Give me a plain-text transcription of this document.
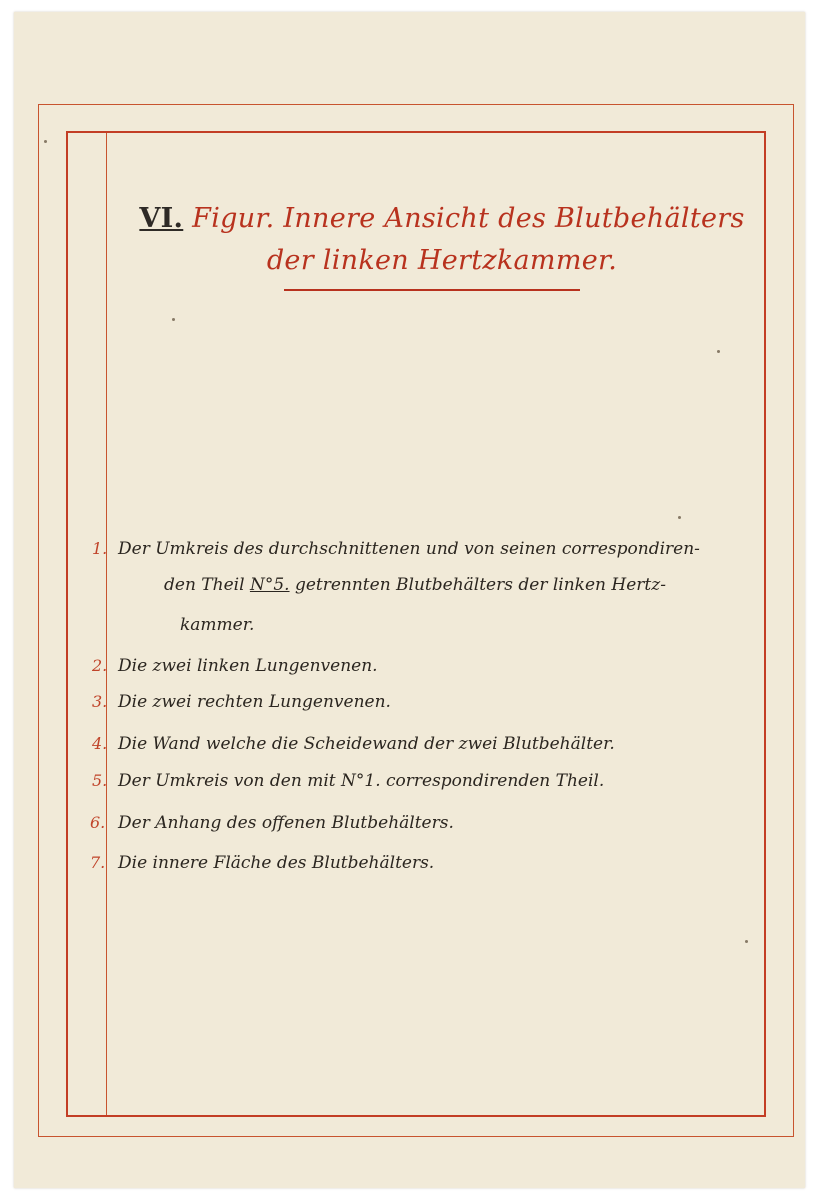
VI. Figur. Innere Ansicht des Blutbehälters
der linken Hertzkammer.
1. Der Umkreis des durchschnittenen und von seinen correspondiren-
den Theil N°5. getrennten Blutbehälters der linken Hertz-
kammer.
2. Die zwei linken Lungenvenen.
3. Die zwei rechten Lungenvenen.
4. Die Wand welche die Scheidewand der zwei Blutbehälter.
5. Der Umkreis von den mit N°1. correspondirenden Theil.
6. Der Anhang des offenen Blutbehälters.
7. Die innere Fläche des Blutbehälters.
